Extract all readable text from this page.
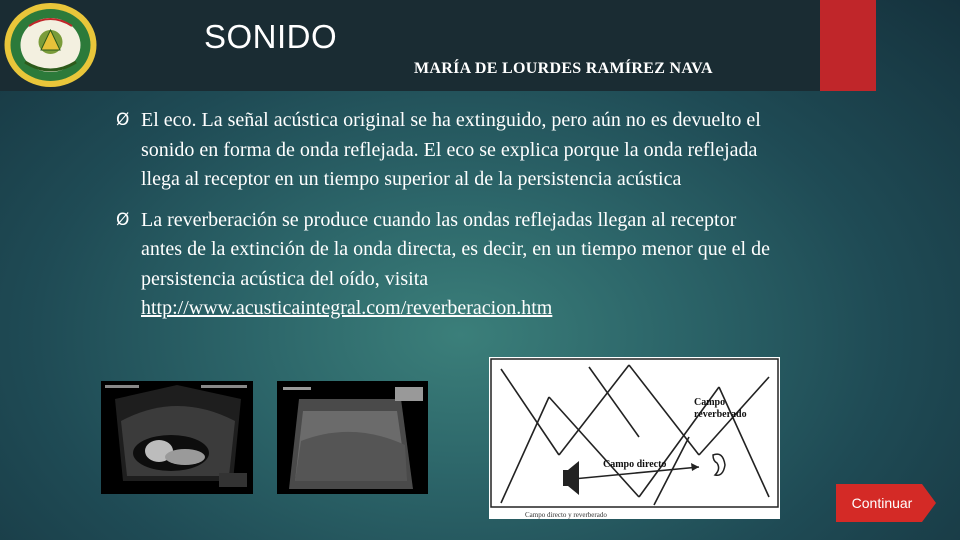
SONIDO
MARÍA DE LOURDES RAMÍREZ NAVA
Ø El eco. La señal acústica original se ha extinguido, pero aún no es devuelto el sonido en forma de onda reflejada. El eco se explica porque la onda reflejada llega al receptor en un tiempo superior al de la persistencia acústica
Ø La reverberación se produce cuando las ondas reflejadas llegan al receptor antes de la extinción de la onda directa, es decir, en un tiempo menor que el de persistencia acústica del oído, visita http://www.acusticaintegral.com/reverberacion.htm
Campo
reverberado
Campo directo
Campo directo y reverberado
Continuar
